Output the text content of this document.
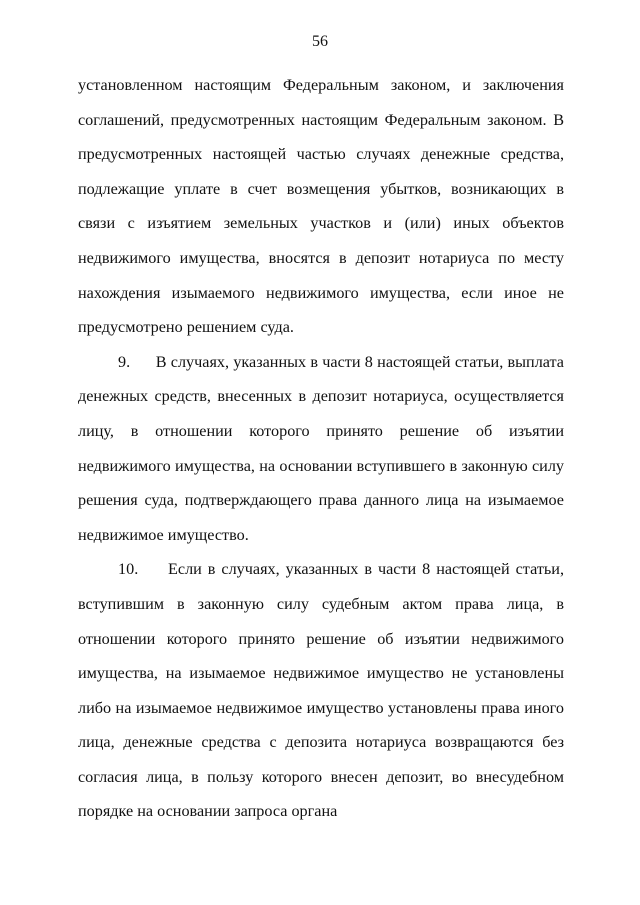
56

установленном настоящим Федеральным законом, и заключения соглашений, предусмотренных настоящим Федеральным законом. В предусмотренных настоящей частью случаях денежные средства, подлежащие уплате в счет возмещения убытков, возникающих в связи с изъятием земельных участков и (или) иных объектов недвижимого имущества, вносятся в депозит нотариуса по месту нахождения изымаемого недвижимого имущества, если иное не предусмотрено решением суда.

9.      В случаях, указанных в части 8 настоящей статьи, выплата денежных средств, внесенных в депозит нотариуса, осуществляется лицу, в отношении которого принято решение об изъятии недвижимого имущества, на основании вступившего в законную силу решения суда, подтверждающего права данного лица на изымаемое недвижимое имущество.

10.     Если в случаях, указанных в части 8 настоящей статьи, вступившим в законную силу судебным актом права лица, в отношении которого принято решение об изъятии недвижимого имущества, на изымаемое недвижимое имущество не установлены либо на изымаемое недвижимое имущество установлены права иного лица, денежные средства с депозита нотариуса возвращаются без согласия лица, в пользу которого внесен депозит, во внесудебном порядке на основании запроса органа
